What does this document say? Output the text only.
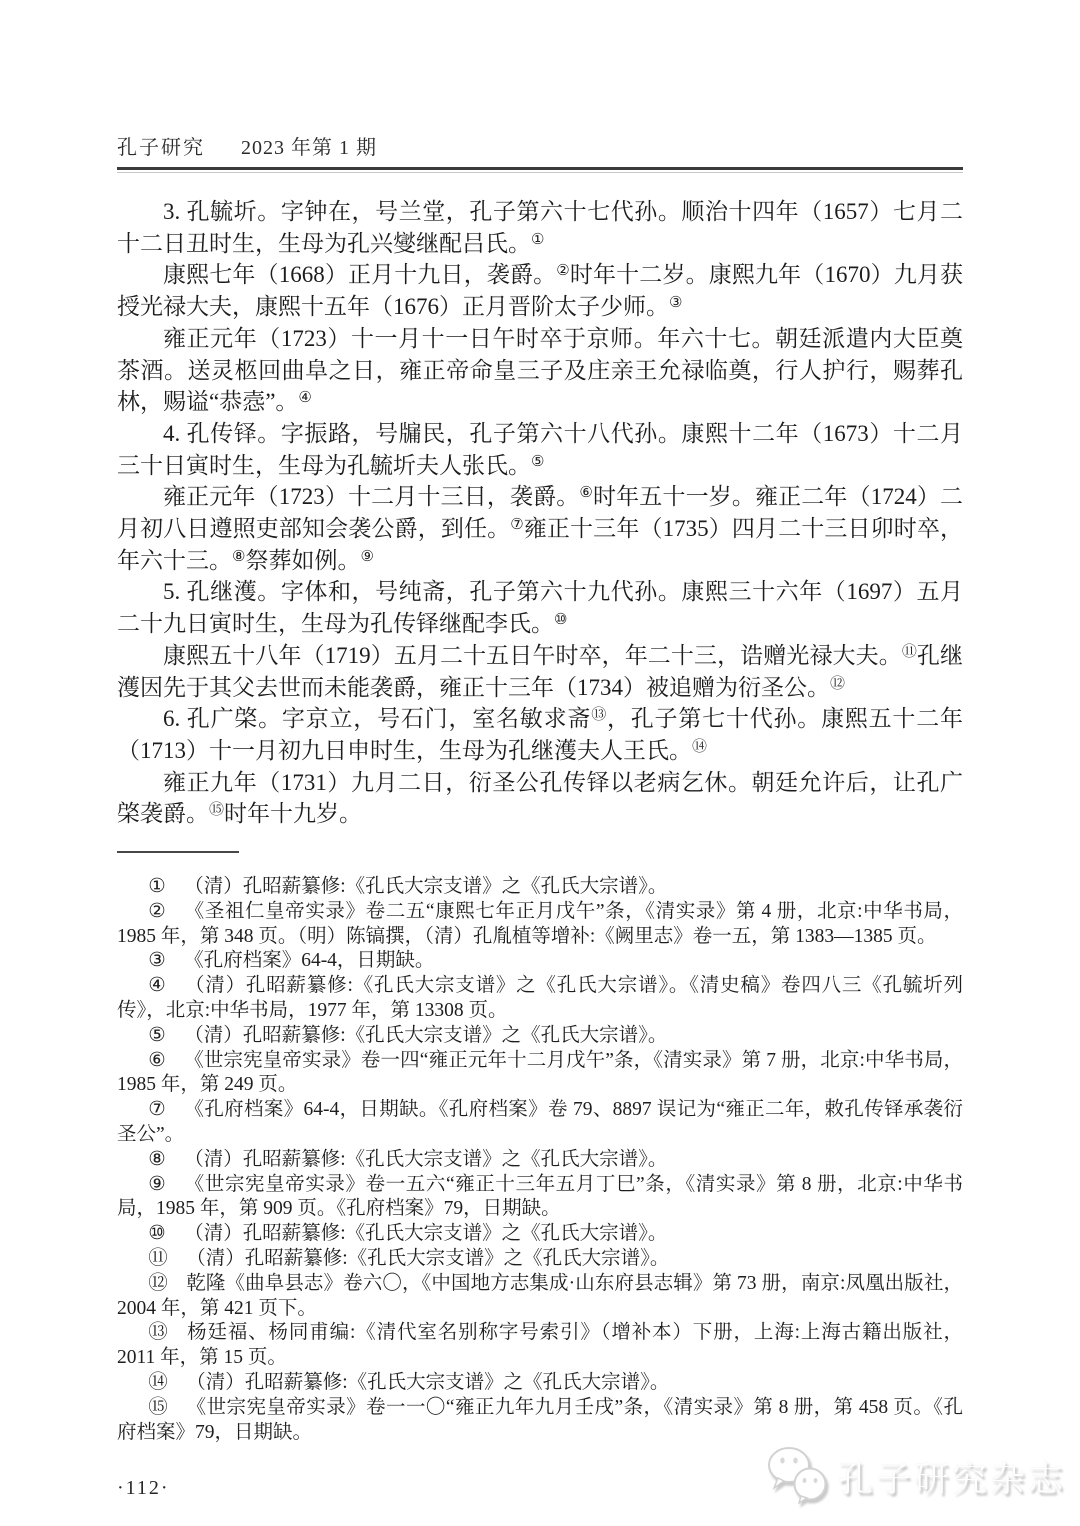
孔子研究 2023 年第 1 期

3. 孔毓圻。字钟在，号兰堂，孔子第六十七代孙。顺治十四年（1657）七月二十二日丑时生，生母为孔兴燮继配吕氏。①

康熙七年（1668）正月十九日，袭爵。②时年十二岁。康熙九年（1670）九月获授光禄大夫，康熙十五年（1676）正月晋阶太子少师。③

雍正元年（1723）十一月十一日午时卒于京师。年六十七。朝廷派遣内大臣奠茶酒。送灵柩回曲阜之日，雍正帝命皇三子及庄亲王允禄临奠，行人护行，赐葬孔林，赐谥“恭悫”。④

4. 孔传铎。字振路，号牖民，孔子第六十八代孙。康熙十二年（1673）十二月三十日寅时生，生母为孔毓圻夫人张氏。⑤

雍正元年（1723）十二月十三日，袭爵。⑥时年五十一岁。雍正二年（1724）二月初八日遵照吏部知会袭公爵，到任。⑦雍正十三年（1735）四月二十三日卯时卒，年六十三。⑧祭葬如例。⑨

5. 孔继濩。字体和，号纯斋，孔子第六十九代孙。康熙三十六年（1697）五月二十九日寅时生，生母为孔传铎继配李氏。⑩

康熙五十八年（1719）五月二十五日午时卒，年二十三，诰赠光禄大夫。⑪孔继濩因先于其父去世而未能袭爵，雍正十三年（1734）被追赠为衍圣公。⑫

6. 孔广棨。字京立，号石门，室名敏求斋⑬，孔子第七十代孙。康熙五十二年（1713）十一月初九日申时生，生母为孔继濩夫人王氏。⑭

雍正九年（1731）九月二日，衍圣公孔传铎以老病乞休。朝廷允许后，让孔广棨袭爵。⑮时年十九岁。

① （清）孔昭薪纂修:《孔氏大宗支谱》之《孔氏大宗谱》。

② 《圣祖仁皇帝实录》卷二五“康熙七年正月戊午”条，《清实录》第 4 册，北京:中华书局，1985 年，第 348 页。（明）陈镐撰，（清）孔胤植等增补:《阙里志》卷一五，第 1383—1385 页。

③ 《孔府档案》64-4，日期缺。

④ （清）孔昭薪纂修:《孔氏大宗支谱》之《孔氏大宗谱》。《清史稿》卷四八三《孔毓圻列传》，北京:中华书局，1977 年，第 13308 页。

⑤ （清）孔昭薪纂修:《孔氏大宗支谱》之《孔氏大宗谱》。

⑥ 《世宗宪皇帝实录》卷一四“雍正元年十二月戊午”条，《清实录》第 7 册，北京:中华书局， 1985 年，第 249 页。

⑦ 《孔府档案》64-4，日期缺。《孔府档案》卷 79、8897 误记为“雍正二年，敕孔传铎承袭衍圣公”。

⑧ （清）孔昭薪纂修:《孔氏大宗支谱》之《孔氏大宗谱》。

⑨ 《世宗宪皇帝实录》卷一五六“雍正十三年五月丁巳”条，《清实录》第 8 册，北京:中华书局，1985 年，第 909 页。《孔府档案》79，日期缺。

⑩ （清）孔昭薪纂修:《孔氏大宗支谱》之《孔氏大宗谱》。

⑪ （清）孔昭薪纂修:《孔氏大宗支谱》之《孔氏大宗谱》。

⑫ 乾隆《曲阜县志》卷六〇，《中国地方志集成·山东府县志辑》第 73 册，南京:凤凰出版社， 2004 年，第 421 页下。

⑬ 杨廷福、杨同甫编:《清代室名别称字号索引》（增补本）下册，上海:上海古籍出版社， 2011 年，第 15 页。

⑭ （清）孔昭薪纂修:《孔氏大宗支谱》之《孔氏大宗谱》。

⑮ 《世宗宪皇帝实录》卷一一〇“雍正九年九月壬戌”条，《清实录》第 8 册，第 458 页。《孔府档案》79，日期缺。

·112·	孔子研究杂志
